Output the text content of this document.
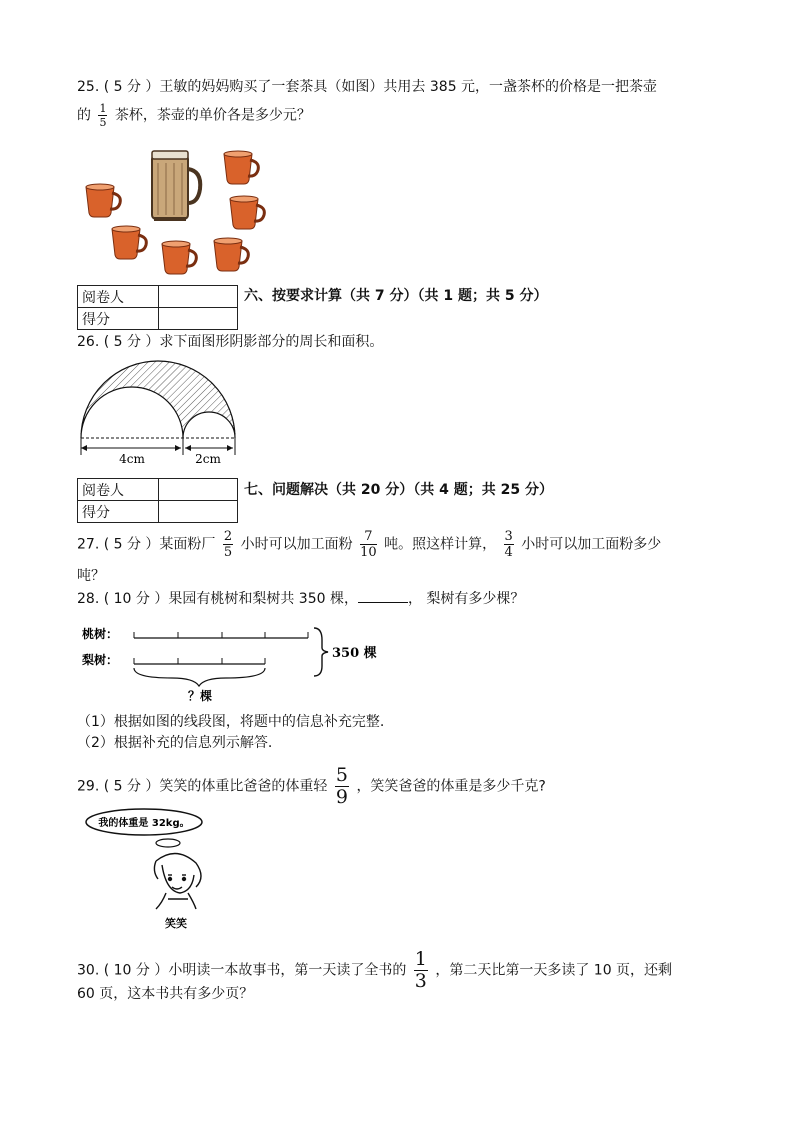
25. ( 5 分 ）王敏的妈妈购买了一套茶具（如图）共用去 385 元，一盏茶杯的价格是一把茶壶
的 $\frac{1}{5}$ 茶杯，茶壶的单价各是多少元？
阅卷人	
得分	
六、按要求计算（共 7 分）（共 1 题；共 5 分）
26. ( 5 分 ）求下面图形阴影部分的周长和面积。
4cm	2cm
阅卷人	
得分	
七、问题解决（共 20 分）（共 4 题；共 25 分）
27. ( 5 分 ）某面粉厂 $\frac{2}{5}$ 小时可以加工面粉 $\frac{7}{10}$ 吨。照这样计算， $\frac{3}{4}$ 小时可以加工面粉多少
吨？
28. ( 10 分 ）果园有桃树和梨树共 350 棵，	， 梨树有多少棵？
桃树：
梨树：	350 棵
？棵
（1）根据如图的线段图，将题中的信息补充完整.
（2）根据补充的信息列示解答.
29. ( 5 分 ）笑笑的体重比爸爸的体重轻 $\frac{5}{9}$ ，笑笑爸爸的体重是多少千克?
我的体重是 32kg。
笑笑
30. ( 10 分 ）小明读一本故事书，第一天读了全书的 $\frac{1}{3}$ ，第二天比第一天多读了 10 页，还剩
60 页，这本书共有多少页？
